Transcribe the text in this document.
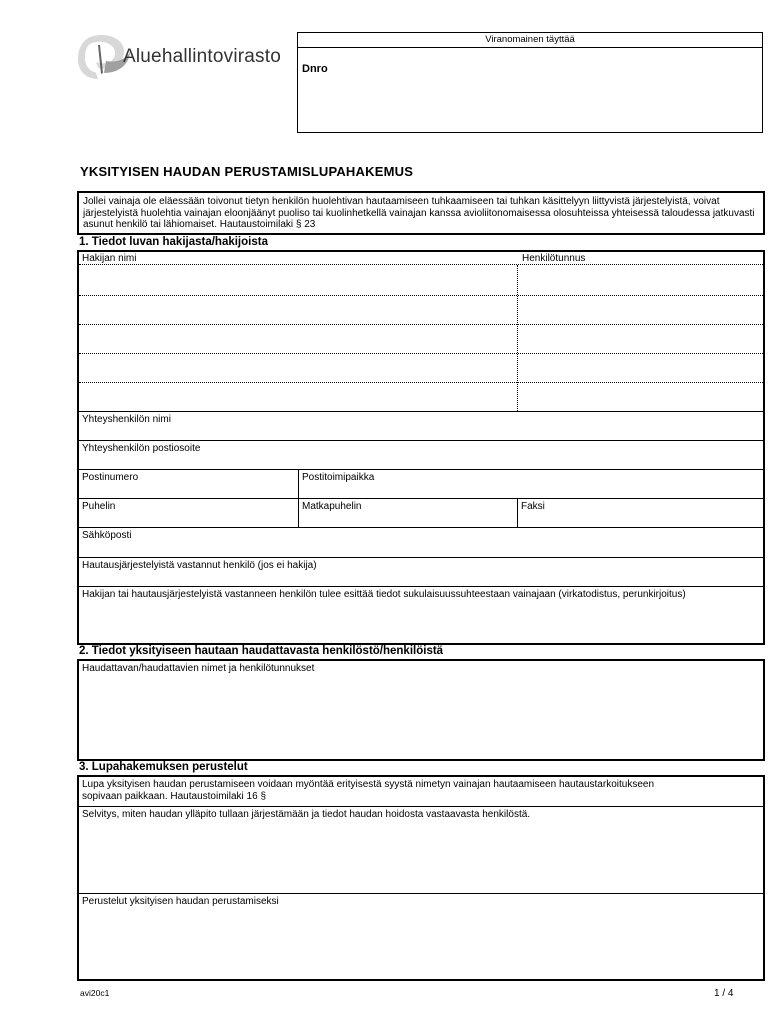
Aluehallintovirasto
Viranomainen täyttää
Dnro
YKSITYISEN HAUDAN PERUSTAMISLUPAHAKEMUS
Jollei vainaja ole eläessään toivonut tietyn henkilön huolehtivan hautaamiseen tuhkaamiseen tai tuhkan käsittelyyn liittyvistä järjestelyistä, voivat järjestelyistä huolehtia vainajan eloonjäänyt puoliso tai kuolinhetkellä vainajan kanssa avioliitonomaisessa olosuhteissa yhteisessä taloudessa jatkuvasti asunut henkilö tai lähiomaiset. Hautaustoimilaki § 23
1. Tiedot luvan hakijasta/hakijoista
Hakijan nimi	Henkilötunnus
Yhteyshenkilön nimi
Yhteyshenkilön postiosoite
Postinumero	Postitoimipaikka
Puhelin	Matkapuhelin	Faksi
Sähköposti
Hautausjärjestelyistä vastannut henkilö (jos ei hakija)
Hakijan tai hautausjärjestelyistä vastanneen henkilön tulee esittää tiedot sukulaisuussuhteestaan vainajaan (virkatodistus, perunkirjoitus)
2. Tiedot yksityiseen hautaan haudattavasta henkilöstö/henkilöistä
Haudattavan/haudattavien nimet ja henkilötunnukset
3. Lupahakemuksen perustelut
Lupa yksityisen haudan perustamiseen voidaan myöntää erityisestä syystä nimetyn vainajan hautaamiseen hautaustarkoitukseen sopivaan paikkaan. Hautaustoimilaki 16 §
Selvitys, miten haudan ylläpito tullaan järjestämään ja tiedot haudan hoidosta vastaavasta henkilöstä.
Perustelut yksityisen haudan perustamiseksi
avi20c1	1 / 4
